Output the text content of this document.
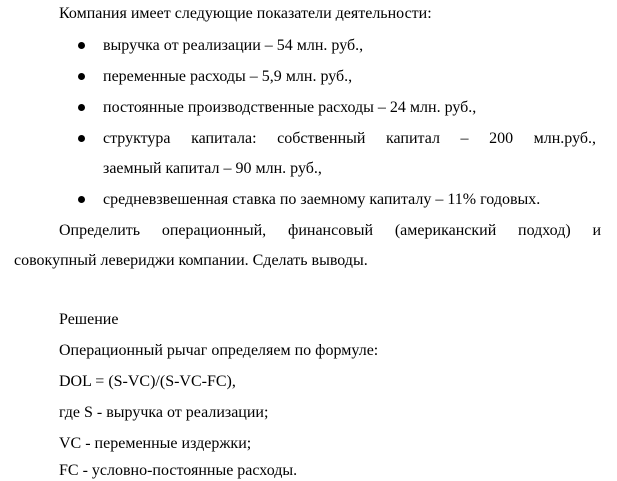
Компания имеет следующие показатели деятельности:
выручка от реализации – 54 млн. руб.,
переменные расходы – 5,9 млн. руб.,
постоянные производственные расходы – 24 млн. руб.,
структура капитала: собственный капитал – 200 млн.руб.,
заемный капитал – 90 млн. руб.,
средневзвешенная ставка по заемному капиталу – 11% годовых.
Определить операционный, финансовый (американский подход) и
совокупный левериджи компании. Сделать выводы.
Решение
Операционный рычаг определяем по формуле:
DOL = (S-VC)/(S-VC-FC),
где S - выручка от реализации;
VC - переменные издержки;
FC - условно-постоянные расходы.
